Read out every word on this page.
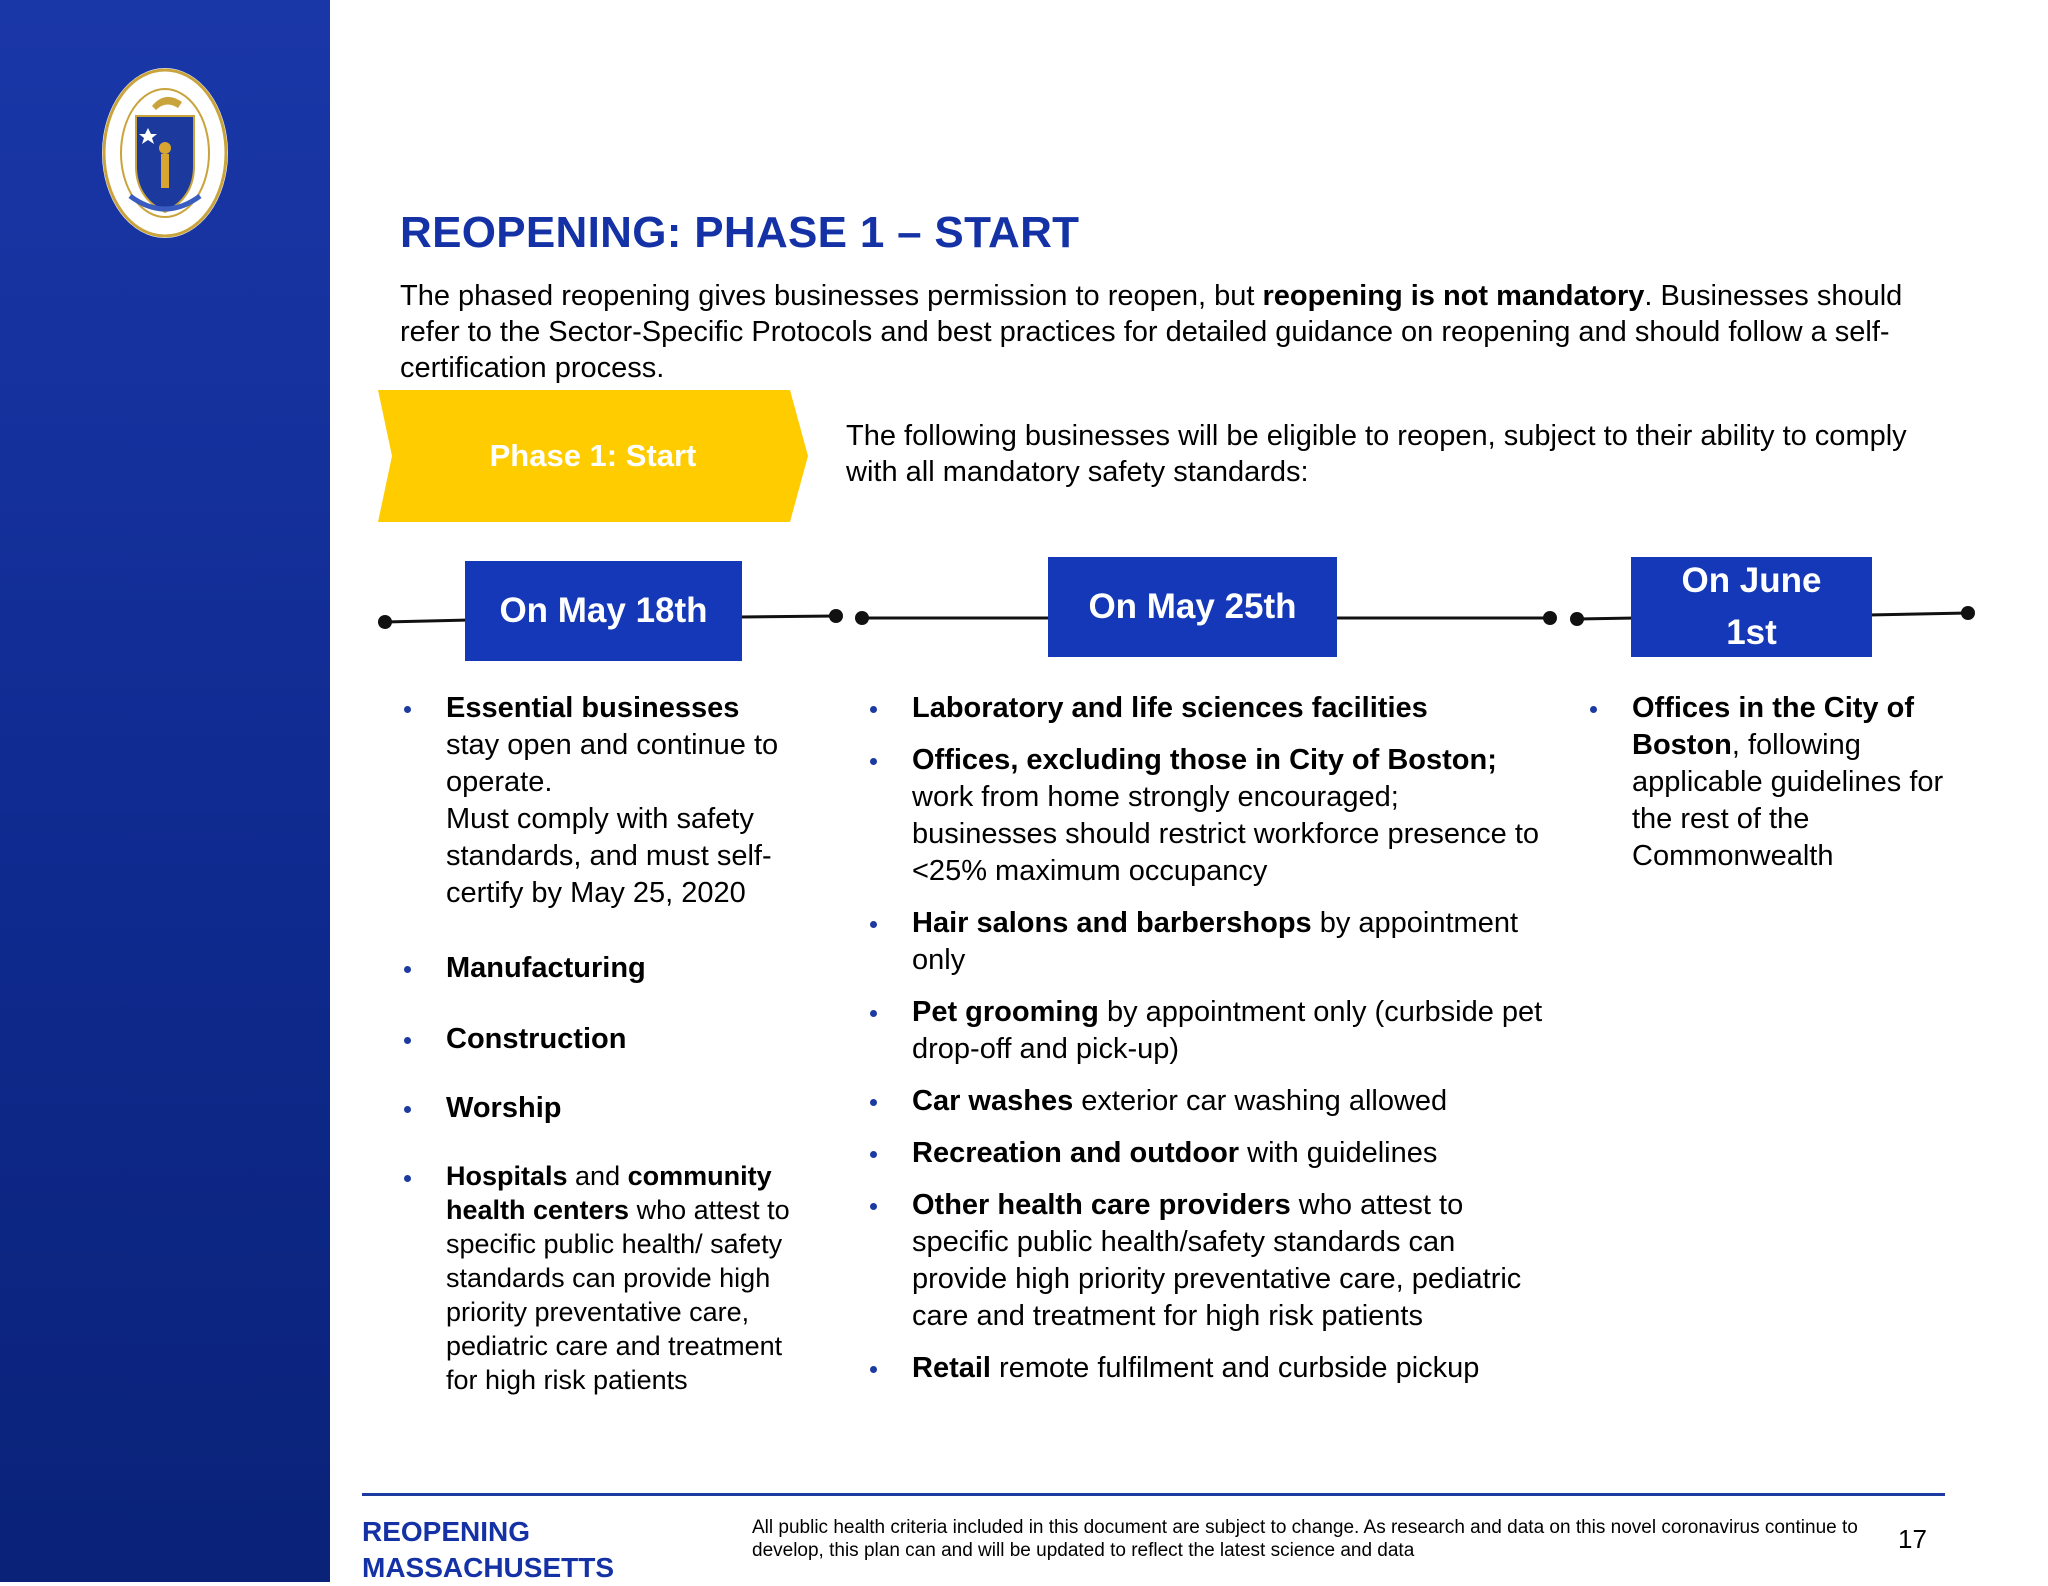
REOPENING: PHASE 1 – START
The phased reopening gives businesses permission to reopen, but reopening is not mandatory. Businesses should refer to the Sector-Specific Protocols and best practices for detailed guidance on reopening and should follow a self-certification process.
Phase 1: Start
The following businesses will be eligible to reopen, subject to their ability to comply with all mandatory safety standards:
On May 18th	On May 25th
On June
1st
Essential businesses stay open and continue to operate.
Must comply with safety standards, and must self-certify by May 25, 2020
Manufacturing
Construction
Worship
Hospitals and community health centers who attest to specific public health/ safety standards can provide high priority preventative care, pediatric care and treatment for high risk patients
Laboratory and life sciences facilities
Offices, excluding those in City of Boston; work from home strongly encouraged; businesses should restrict workforce presence to <25% maximum occupancy
Hair salons and barbershops by appointment only
Pet grooming by appointment only (curbside pet drop-off and pick-up)
Car washes exterior car washing allowed
Recreation and outdoor with guidelines
Other health care providers who attest to specific public health/safety standards can provide high priority preventative care, pediatric care and treatment for high risk patients
Retail remote fulfilment and curbside pickup
Offices in the City of Boston, following applicable guidelines for the rest of the Commonwealth
REOPENING
MASSACHUSETTS
All public health criteria included in this document are subject to change. As research and data on this novel coronavirus continue to develop, this plan can and will be updated to reflect the latest science and data	17
